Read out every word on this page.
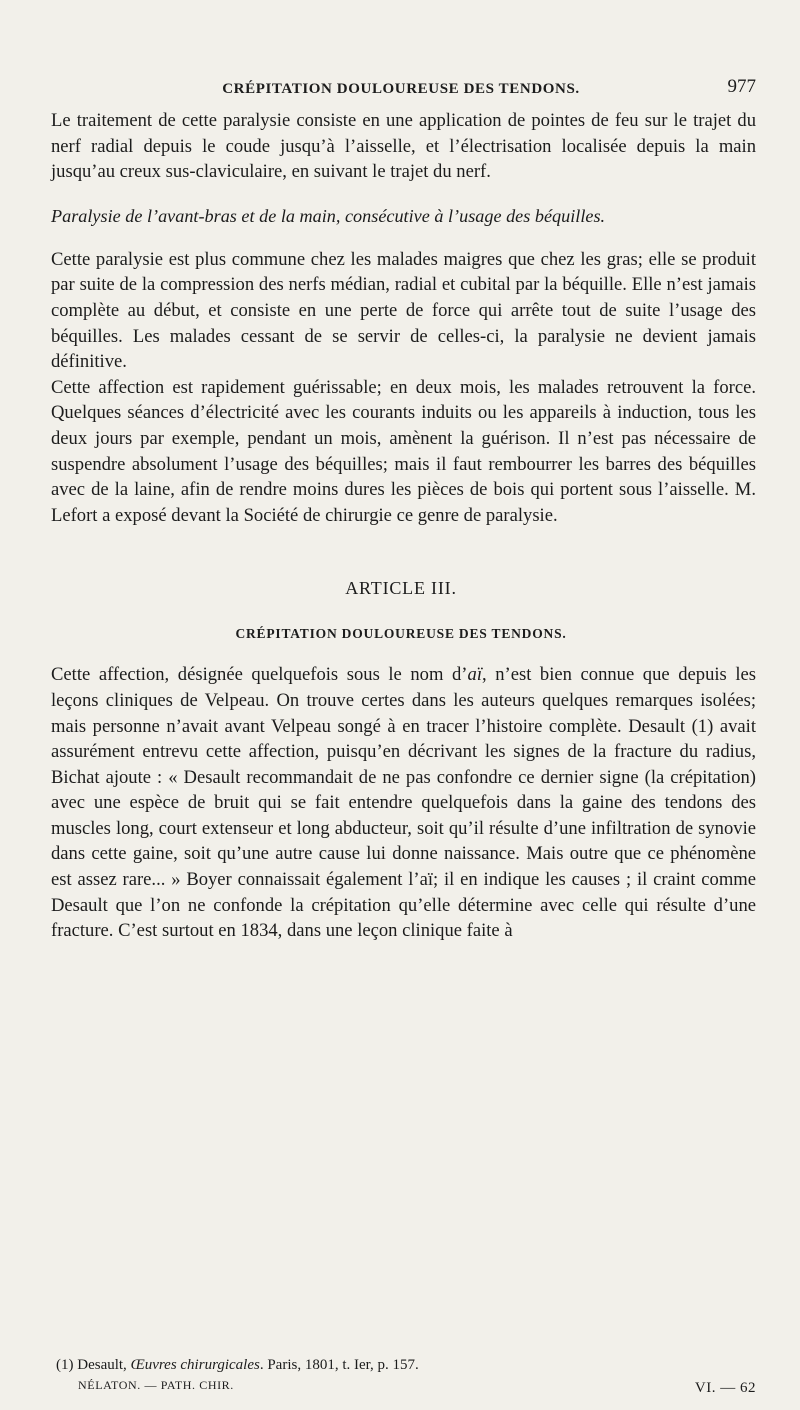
CRÉPITATION DOULOUREUSE DES TENDONS.	977

Le traitement de cette paralysie consiste en une application de pointes de feu sur le trajet du nerf radial depuis le coude jusqu’à l’aisselle, et l’électrisation localisée depuis la main jusqu’au creux sus-claviculaire, en suivant le trajet du nerf.

Paralysie de l’avant-bras et de la main, consécutive à l’usage des béquilles.

Cette paralysie est plus commune chez les malades maigres que chez les gras; elle se produit par suite de la compression des nerfs médian, radial et cubital par la béquille. Elle n’est jamais complète au début, et consiste en une perte de force qui arrête tout de suite l’usage des béquilles. Les malades cessant de se servir de celles-ci, la paralysie ne devient jamais définitive.

Cette affection est rapidement guérissable; en deux mois, les malades retrouvent la force. Quelques séances d’électricité avec les courants induits ou les appareils à induction, tous les deux jours par exemple, pendant un mois, amènent la guérison. Il n’est pas nécessaire de suspendre absolument l’usage des béquilles; mais il faut rembourrer les barres des béquilles avec de la laine, afin de rendre moins dures les pièces de bois qui portent sous l’aisselle. M. Lefort a exposé devant la Société de chirurgie ce genre de paralysie.

ARTICLE III.
CRÉPITATION DOULOUREUSE DES TENDONS.

Cette affection, désignée quelquefois sous le nom d’aï, n’est bien connue que depuis les leçons cliniques de Velpeau. On trouve certes dans les auteurs quelques remarques isolées; mais personne n’avait avant Velpeau songé à en tracer l’histoire complète. Desault (1) avait assurément entrevu cette affection, puisqu’en décrivant les signes de la fracture du radius, Bichat ajoute : « Desault recommandait de ne pas confondre ce dernier signe (la crépitation) avec une espèce de bruit qui se fait entendre quelquefois dans la gaine des tendons des muscles long, court extenseur et long abducteur, soit qu’il résulte d’une infiltration de synovie dans cette gaine, soit qu’une autre cause lui donne naissance. Mais outre que ce phénomène est assez rare... » Boyer connaissait également l’aï; il en indique les causes ; il craint comme Desault que l’on ne confonde la crépitation qu’elle détermine avec celle qui résulte d’une fracture. C’est surtout en 1834, dans une leçon clinique faite à

(1) Desault, Œuvres chirurgicales. Paris, 1801, t. Ier, p. 157.
NÉLATON. — PATH. CHIR.	VI. — 62
